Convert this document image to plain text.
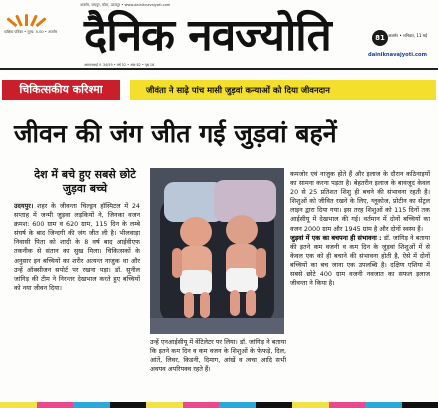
अजमेर, जयपुर, कोटा, उदयपुर • www.dainiknavajyoti.com
पाक्षिक पत्रिका • मूल्य: 5.00 • अजमेर दैनिक नवज्योति	81 अजमेर • शनिवार, 11 मई
dainiknavajyoti.com
आरएनआई नं. 34/59 • वर्ष 52 • अंक 82 • पृष्ठ 16
चिकित्सकीय करिश्मा	जीवंता ने साढ़े पांच मासी जुड़वां कन्याओं को दिया जीवनदान
जीवन की जंग जीत गई जुड़वां बहनें
देश में बचे हुए सबसे छोटे जुड़वा बच्चे
उदयपुर। शहर के जीवन्ता चिल्ड्रन हॉस्पिटल में 24 सप्ताह में जन्मी जुड़वा लड़कियों ने, जिनका वजन क्रमश: 600 ग्राम व 620 ग्राम, 115 दिन के लम्बे संघर्ष के बाद जिन्दगी की जंग जीत ली है। भीलवाड़ा निवासी पिता को शादी के 8 वर्ष बाद आईवीएफ तकनीक से संतान का सुख मिला। चिकित्सकों के अनुसार इन बच्चियों का शरीर अत्यन्त नाजुक था और उन्हें ऑक्सीजन सपोर्ट पर रखना पड़ा। डॉ. सुनील जांगिड़ की टीम ने निरन्तर देखभाल करते हुए बच्चियों को नया जीवन दिया।
उन्हें एनआईसीयू में वेंटिलेटर पर लिया। डॉ. जांगिड़ ने बताया कि इतने कम दिन व कम वजन के शिशुओं के फेफड़े, दिल, आंतें, लिवर, किडनी, दिमाग, आंखें व त्वचा आदि सभी अवयव अपरिपक्व रहते हैं।
कमजोर एवं नाजुक होते हैं और इलाज के दौरान कठिनाइयों का सामना करना पड़ता है। बेहतरीन इलाज के बावजूद केवल 20 से 25 प्रतिशत शिशु ही बचने की संभावना रहती है। शिशुओं को जीवित रखने के लिए, ग्लूकोज, प्रोटीन का सेंट्रल लाइन द्वारा दिया गया। इस तरह शिशुओं को 115 दिनों तक आईसीयू में देखभाल की गई। वर्तमान में दोनों बच्चियों का वजन 2000 ग्राम और 1945 ग्राम है और दोनों स्वस्थ हैं।
जुड़वां में एक का बचपना ही संभावना : डॉ. जांगिड़ ने बताया की इतने कम वजनी व कम दिन के जुड़वां शिशुओं में से केवल एक को ही बचाने की संभावना होती है, ऐसे में दोनों बच्चियों का बच जाना एक उपलब्धि है। दक्षिण एशिया में सबसे छोटे 400 ग्राम वजनी नवजात का सफल इलाज जीवन्ता ने किया है।
